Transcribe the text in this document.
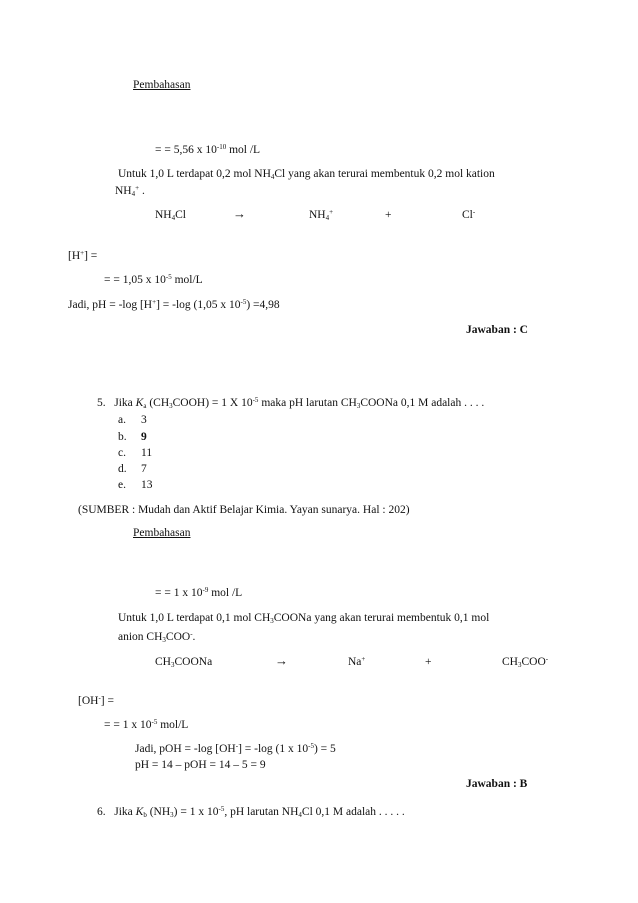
Pembahasan
= = 5,56 x $10^{-10}$ mol /L
Untuk 1,0 L terdapat 0,2 mol $NH_4Cl$ yang akan terurai membentuk 0,2 mol kation
$NH_4^+$ .
$NH_4Cl$	→	$NH_4^+$	+	Cl-
[H+] =
= = 1,05 x $10^{-5}$ mol/L
Jadi, pH = -log [H+] = -log (1,05 x $10^{-5}) =4,98$
Jawaban : C
5. Jika $K_a$ $(CH_3COOH) = 1$ X $10^{-5}$ maka pH larutan $CH_3COONa$ 0,1 M adalah . . . .
a. 3
b. 9
c. 11
d. 7
e. 13
(SUMBER : Mudah dan Aktif Belajar Kimia. Yayan sunarya. Hal : 202)
Pembahasan
= = 1 x $10^{-9}$ mol /L
Untuk 1,0 L terdapat 0,1 mol $CH_3COONa$ yang akan terurai membentuk 0,1 mol
anion $CH_3COO^-$.
$CH_3COONa$	→	Na+	+	$CH_3COO^-$
[OH-] =
= = 1 x $10^{-5}$ mol/L
Jadi, pOH = -log [OH-] = -log (1 x $10^{-5}) = 5$
pH = 14 – pOH = 14 – 5 = 9
Jawaban : B
6. Jika $K_b$ $(NH_3) = 1$ x $10^{-5}$, pH larutan $NH_4Cl$ 0,1 M adalah . . . . .
